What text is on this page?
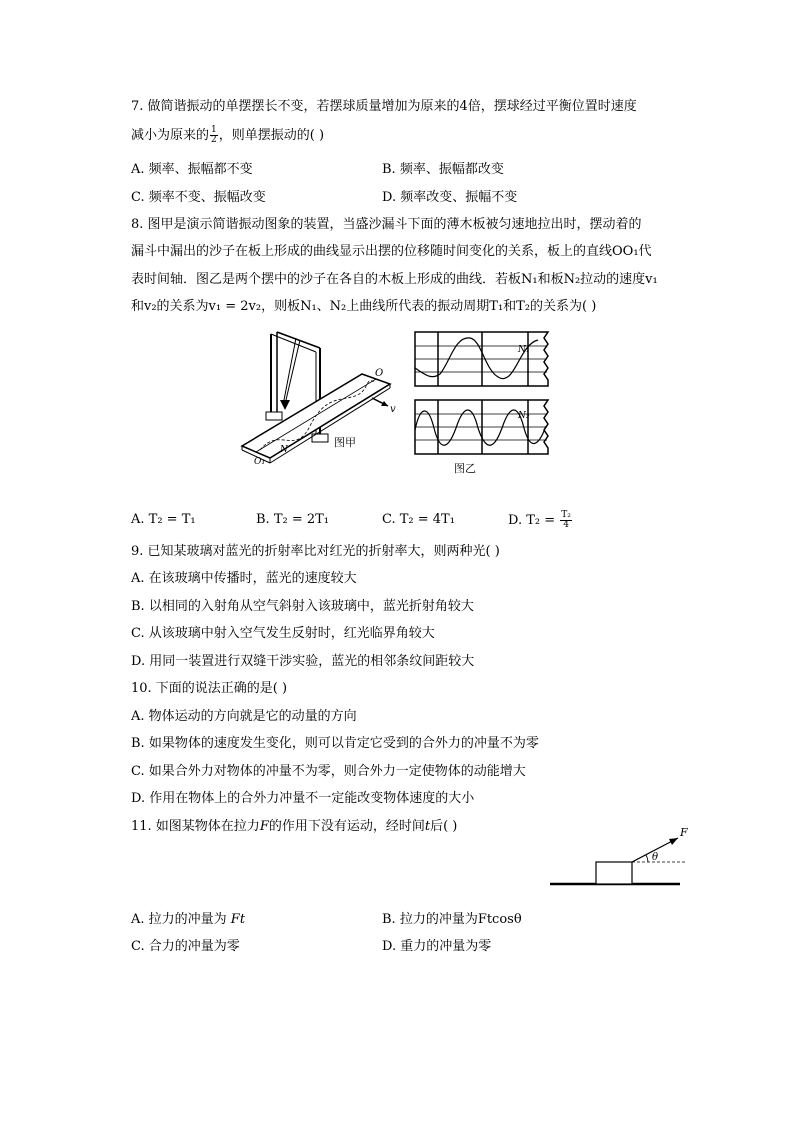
7. 做简谐振动的单摆摆长不变，若摆球质量增加为原来的4倍，摆球经过平衡位置时速度
减小为原来的 $\frac{1}{2}$ ，则单摆振动的( )
A. 频率、振幅都不变	B. 频率、振幅都改变
C. 频率不变、振幅改变	D. 频率改变、振幅不变
8. 图甲是演示简谐振动图象的装置，当盛沙漏斗下面的薄木板被匀速地拉出时，摆动着的
漏斗中漏出的沙子在板上形成的曲线显示出摆的位移随时间变化的关系，板上的直线OO₁代
表时间轴．图乙是两个摆中的沙子在各自的木板上形成的曲线．若板N₁和板N₂拉动的速度v₁
和v₂的关系为v₁ = 2v₂，则板N₁、N₂上曲线所代表的振动周期T₁和T₂的关系为( )
O
O₁
N
v
图甲
N₁
N₂
图乙
A. T₂ = T₁	B. T₂ = 2T₁	C. T₂ = 4T₁	D. $T_2 = \frac{\text{T₂}}{4}$
9. 已知某玻璃对蓝光的折射率比对红光的折射率大，则两种光( )
A. 在该玻璃中传播时，蓝光的速度较大
B. 以相同的入射角从空气斜射入该玻璃中，蓝光折射角较大
C. 从该玻璃中射入空气发生反射时，红光临界角较大
D. 用同一装置进行双缝干涉实验，蓝光的相邻条纹间距较大
10. 下面的说法正确的是( )
A. 物体运动的方向就是它的动量的方向
B. 如果物体的速度发生变化，则可以肯定它受到的合外力的冲量不为零
C. 如果合外力对物体的冲量不为零，则合外力一定使物体的动能增大
D. 作用在物体上的合外力冲量不一定能改变物体速度的大小
11. 如图某物体在拉力F的作用下没有运动，经时间t后( )	F
θ
A. 拉力的冲量为 Ft	B. 拉力的冲量为Ftcosθ
C. 合力的冲量为零	D. 重力的冲量为零
